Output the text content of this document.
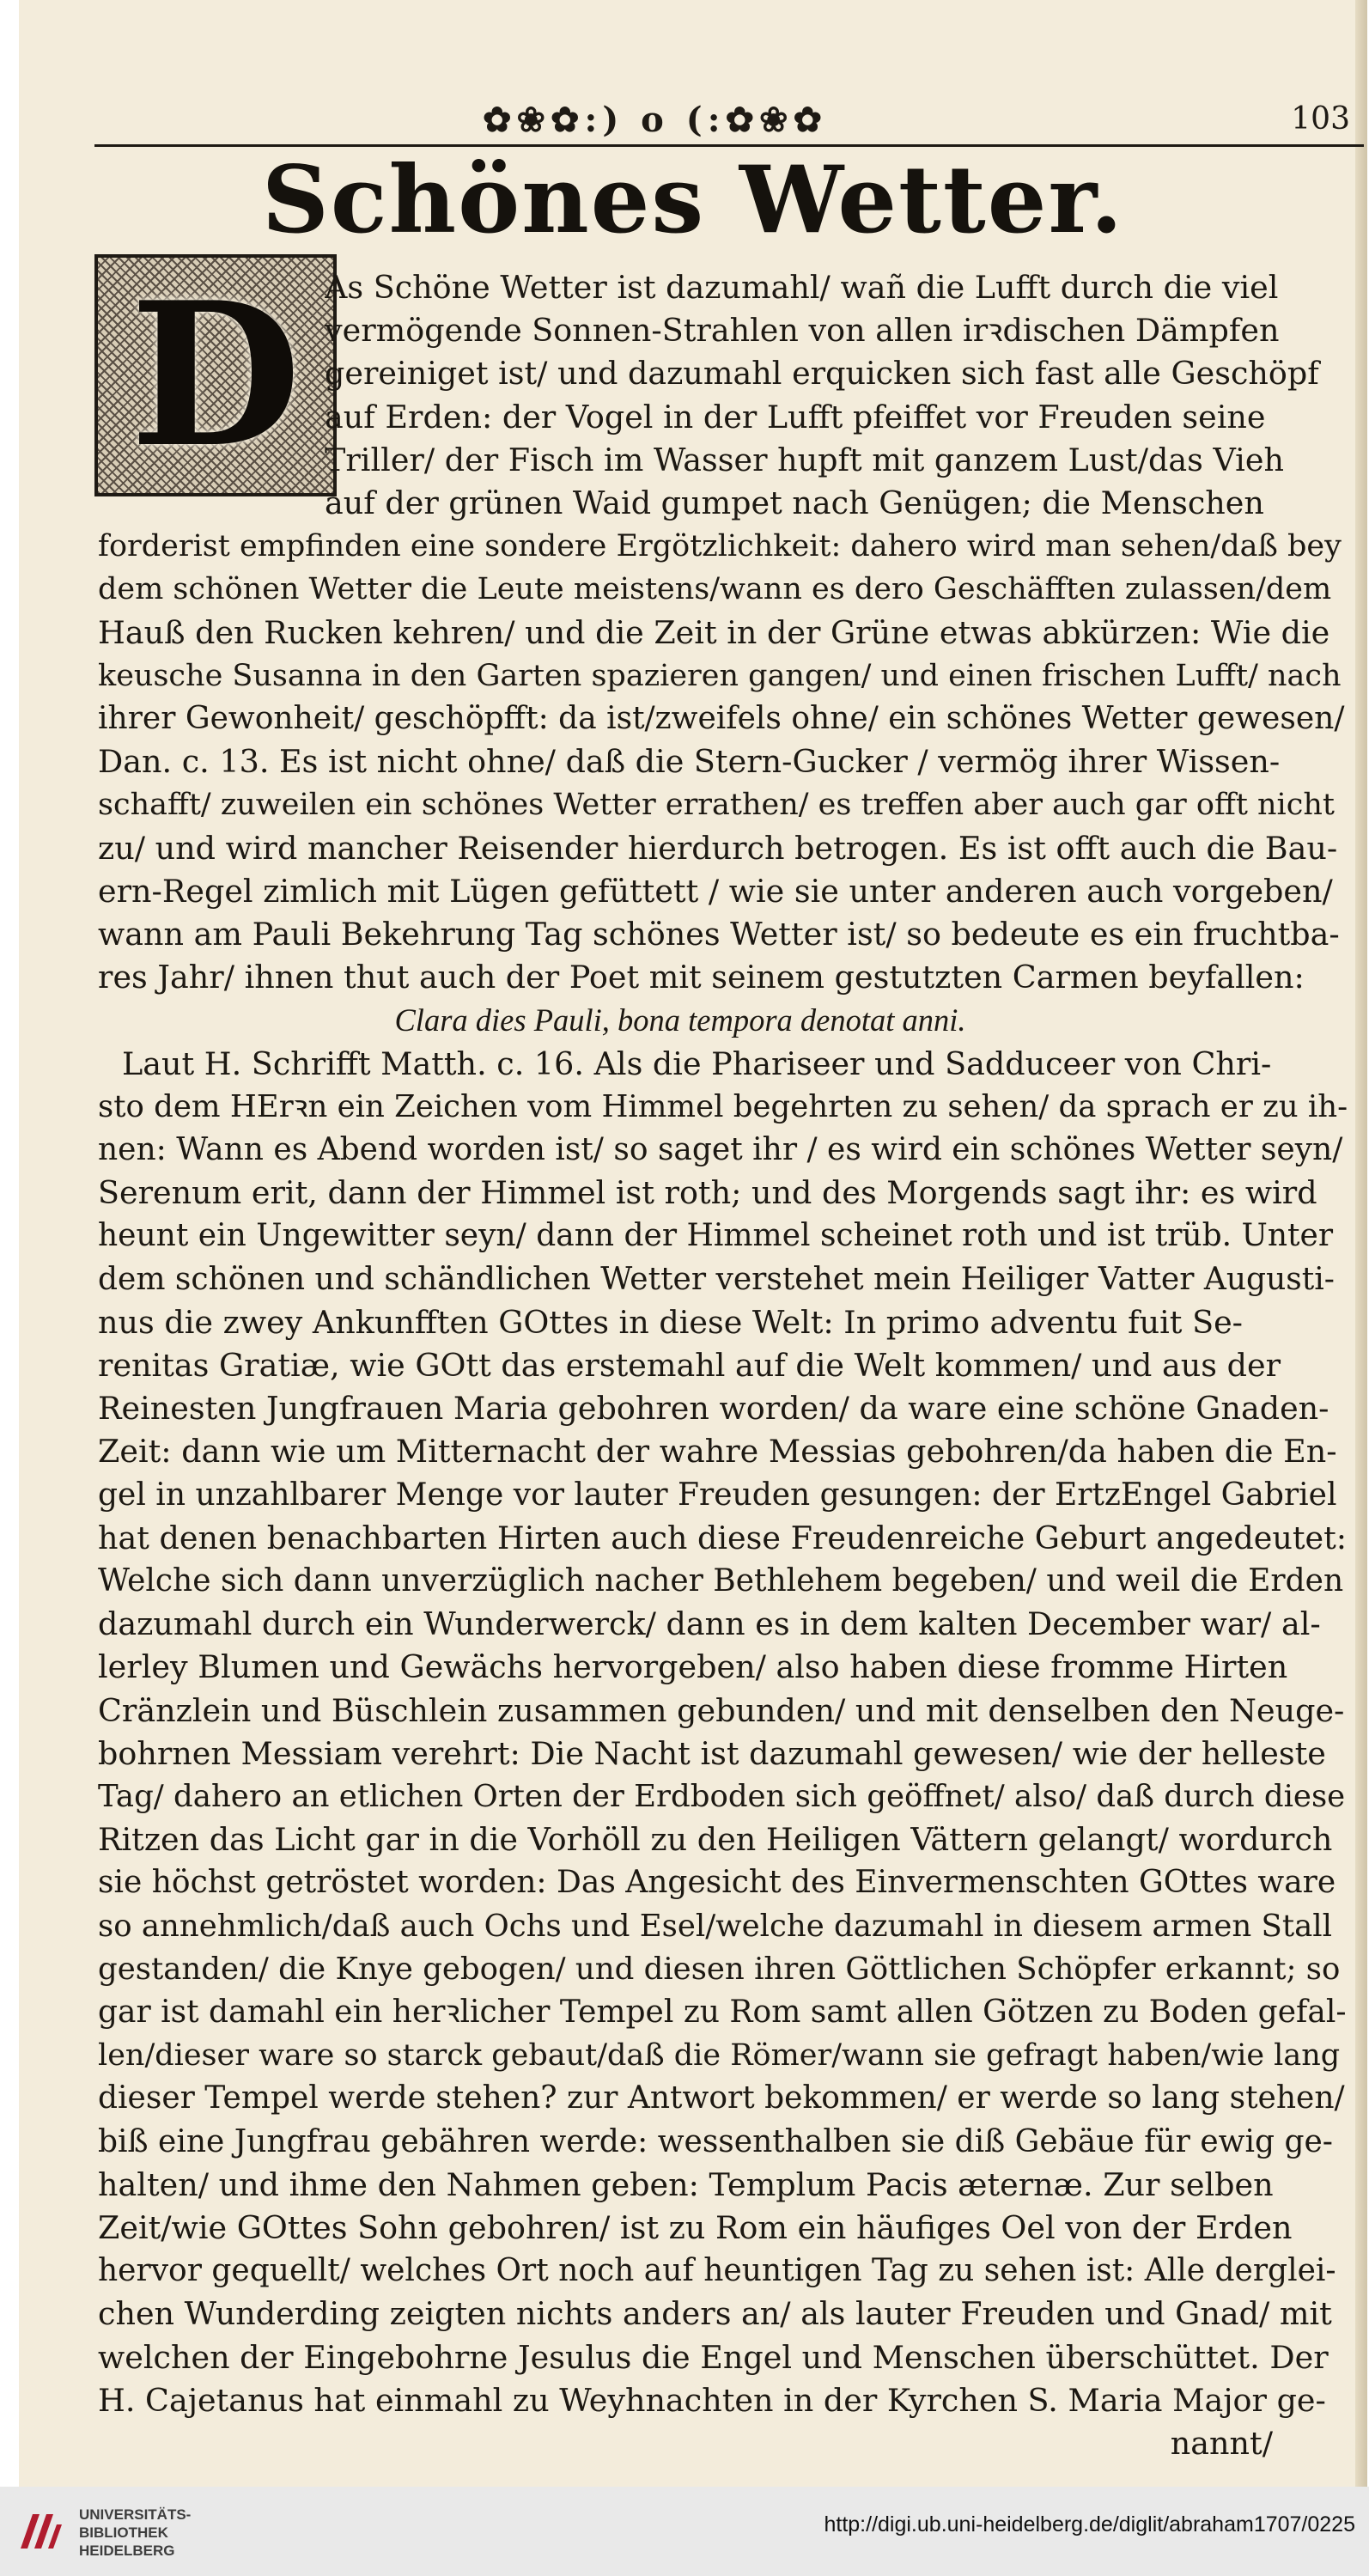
✿❀✿:) o (:✿❀✿	103
Schönes Wetter.
D As Schöne Wetter ist dazumahl/ wañ die Lufft durch die viel
vermögende Sonnen-Strahlen von allen irꝛdischen Dämpfen
gereiniget ist/ und dazumahl erquicken sich fast alle Geschöpf
auf Erden: der Vogel in der Lufft pfeiffet vor Freuden seine
Triller/ der Fisch im Wasser hupft mit ganzem Lust/das Vieh
auf der grünen Waid gumpet nach Genügen; die Menschen
forderist empfinden eine sondere Ergötzlichkeit: dahero wird man sehen/daß bey
dem schönen Wetter die Leute meistens/wann es dero Geschäfften zulassen/dem
Hauß den Rucken kehren/ und die Zeit in der Grüne etwas abkürzen: Wie die
keusche Susanna in den Garten spazieren gangen/ und einen frischen Lufft/ nach
ihrer Gewonheit/ geschöpfft: da ist/zweifels ohne/ ein schönes Wetter gewesen/
Dan. c. 13. Es ist nicht ohne/ daß die Stern-Gucker / vermög ihrer Wissen-
schafft/ zuweilen ein schönes Wetter errathen/ es treffen aber auch gar offt nicht
zu/ und wird mancher Reisender hierdurch betrogen. Es ist offt auch die Bau-
ern-Regel zimlich mit Lügen gefüttett / wie sie unter anderen auch vorgeben/
wann am Pauli Bekehrung Tag schönes Wetter ist/ so bedeute es ein fruchtba-
res Jahr/ ihnen thut auch der Poet mit seinem gestutzten Carmen beyfallen:
Clara dies Pauli, bona tempora denotat anni.
Laut H. Schrifft Matth. c. 16. Als die Phariseer und Sadduceer von Chri-
sto dem HErꝛn ein Zeichen vom Himmel begehrten zu sehen/ da sprach er zu ih-
nen: Wann es Abend worden ist/ so saget ihr / es wird ein schönes Wetter seyn/
Serenum erit, dann der Himmel ist roth; und des Morgends sagt ihr: es wird
heunt ein Ungewitter seyn/ dann der Himmel scheinet roth und ist trüb. Unter
dem schönen und schändlichen Wetter verstehet mein Heiliger Vatter Augusti-
nus die zwey Ankunfften GOttes in diese Welt: In primo adventu fuit Se-
renitas Gratiæ, wie GOtt das erstemahl auf die Welt kommen/ und aus der
Reinesten Jungfrauen Maria gebohren worden/ da ware eine schöne Gnaden-
Zeit: dann wie um Mitternacht der wahre Messias gebohren/da haben die En-
gel in unzahlbarer Menge vor lauter Freuden gesungen: der ErtzEngel Gabriel
hat denen benachbarten Hirten auch diese Freudenreiche Geburt angedeutet:
Welche sich dann unverzüglich nacher Bethlehem begeben/ und weil die Erden
dazumahl durch ein Wunderwerck/ dann es in dem kalten December war/ al-
lerley Blumen und Gewächs hervorgeben/ also haben diese fromme Hirten
Cränzlein und Büschlein zusammen gebunden/ und mit denselben den Neuge-
bohrnen Messiam verehrt: Die Nacht ist dazumahl gewesen/ wie der helleste
Tag/ dahero an etlichen Orten der Erdboden sich geöffnet/ also/ daß durch diese
Ritzen das Licht gar in die Vorhöll zu den Heiligen Vättern gelangt/ wordurch
sie höchst getröstet worden: Das Angesicht des Einvermenschten GOttes ware
so annehmlich/daß auch Ochs und Esel/welche dazumahl in diesem armen Stall
gestanden/ die Knye gebogen/ und diesen ihren Göttlichen Schöpfer erkannt; so
gar ist damahl ein herꝛlicher Tempel zu Rom samt allen Götzen zu Boden gefal-
len/dieser ware so starck gebaut/daß die Römer/wann sie gefragt haben/wie lang
dieser Tempel werde stehen? zur Antwort bekommen/ er werde so lang stehen/
biß eine Jungfrau gebähren werde: wessenthalben sie diß Gebäue für ewig ge-
halten/ und ihme den Nahmen geben: Templum Pacis æternæ. Zur selben
Zeit/wie GOttes Sohn gebohren/ ist zu Rom ein häufiges Oel von der Erden
hervor gequellt/ welches Ort noch auf heuntigen Tag zu sehen ist: Alle derglei-
chen Wunderding zeigten nichts anders an/ als lauter Freuden und Gnad/ mit
welchen der Eingebohrne Jesulus die Engel und Menschen überschüttet. Der
H. Cajetanus hat einmahl zu Weyhnachten in der Kyrchen S. Maria Major ge-
nannt/
UNIVERSITÄTS-
BIBLIOTHEK
HEIDELBERG
http://digi.ub.uni-heidelberg.de/diglit/abraham1707/0225
